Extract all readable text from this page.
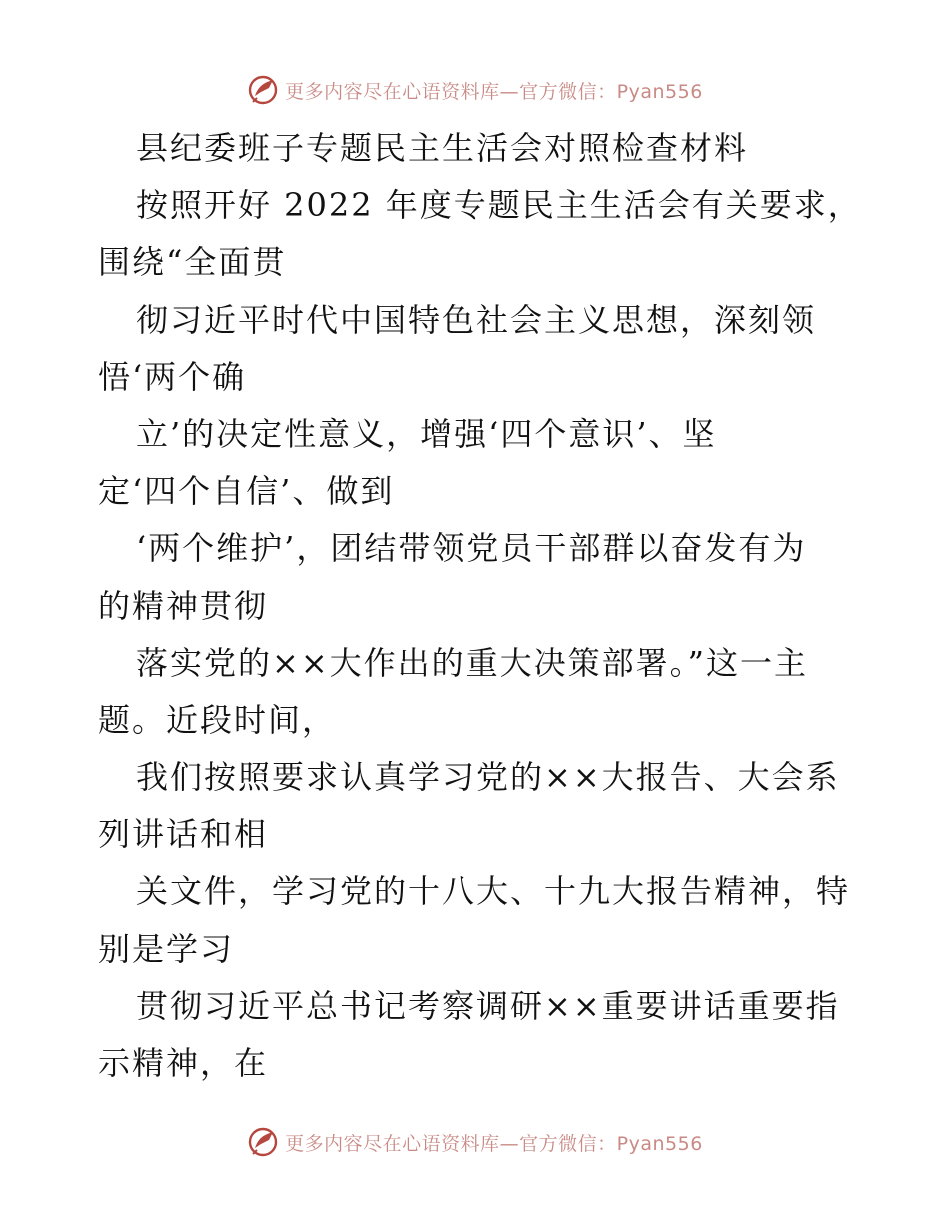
更多内容尽在心语资料库—官方微信：Pyan556
县纪委班子专题民主生活会对照检查材料
按照开好 2022 年度专题民主生活会有关要求，
围绕“全面贯
彻习近平时代中国特色社会主义思想，深刻领
悟‘两个确
立’的决定性意义，增强‘四个意识’、坚
定‘四个自信’、做到
‘两个维护’，团结带领党员干部群以奋发有为
的精神贯彻
落实党的××大作出的重大决策部署。”这一主
题。近段时间，
我们按照要求认真学习党的××大报告、大会系
列讲话和相
关文件，学习党的十八大、十九大报告精神，特
别是学习
贯彻习近平总书记考察调研××重要讲话重要指
示精神，在
更多内容尽在心语资料库—官方微信：Pyan556
